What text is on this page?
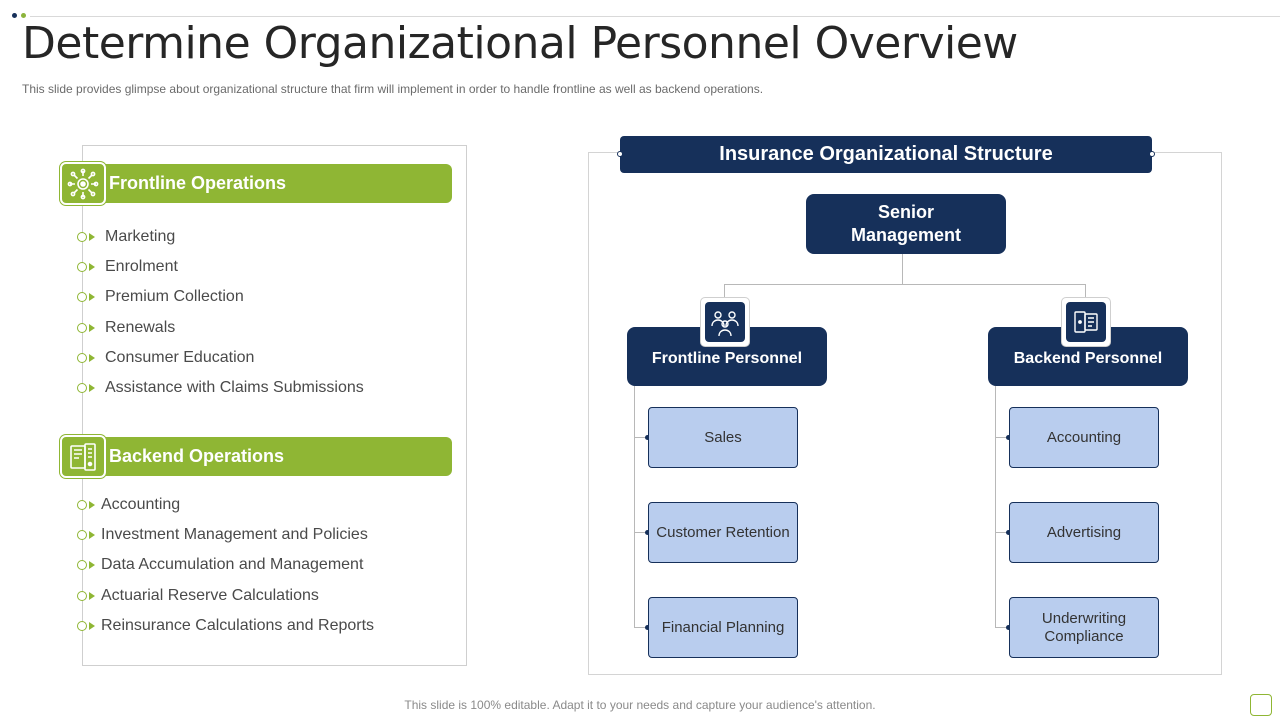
Determine Organizational Personnel Overview

This slide provides glimpse about organizational structure that firm will implement in order to handle frontline as well as backend operations.

Frontline Operations
Marketing
Enrolment
Premium Collection
Renewals
Consumer Education
Assistance with Claims Submissions
Backend Operations
Accounting
Investment Management and Policies
Data Accumulation and Management
Actuarial Reserve Calculations
Reinsurance Calculations and Reports
Insurance Organizational Structure
Senior Management
Frontline Personnel	Backend Personnel
Sales
Customer Retention
Financial Planning
Accounting
Advertising
Underwriting Compliance
This slide is 100% editable. Adapt it to your needs and capture your audience's attention.
